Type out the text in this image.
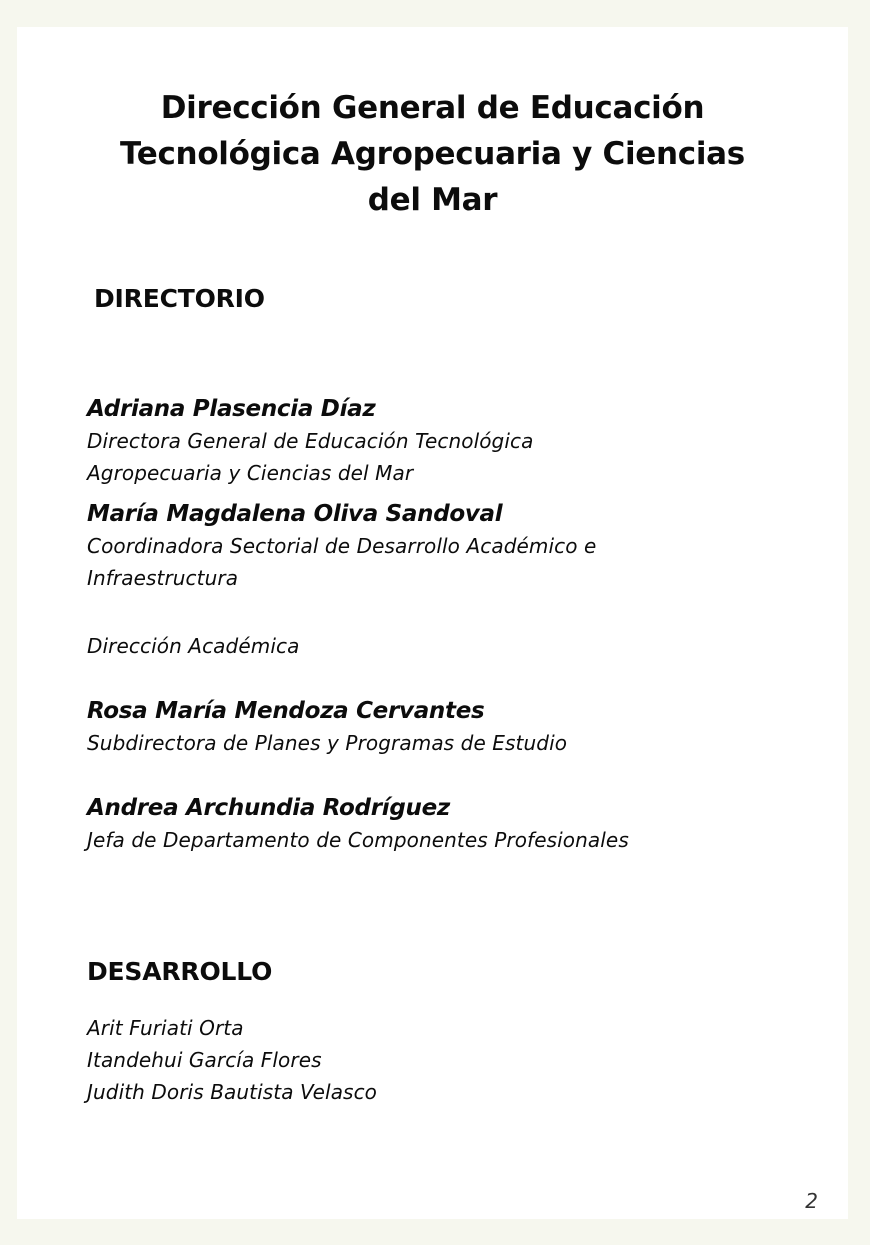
Dirección General de Educación
Tecnológica Agropecuaria y Ciencias
del Mar
DIRECTORIO
Adriana Plasencia Díaz
Directora General de Educación Tecnológica
Agropecuaria y Ciencias del Mar
María Magdalena Oliva Sandoval
Coordinadora Sectorial de Desarrollo Académico e
Infraestructura

Dirección Académica

Rosa María Mendoza Cervantes
Subdirectora de Planes y Programas de Estudio
Andrea Archundia Rodríguez
Jefa de Departamento de Componentes Profesionales
DESARROLLO
Arit Furiati Orta
Itandehui García Flores
Judith Doris Bautista Velasco
2
